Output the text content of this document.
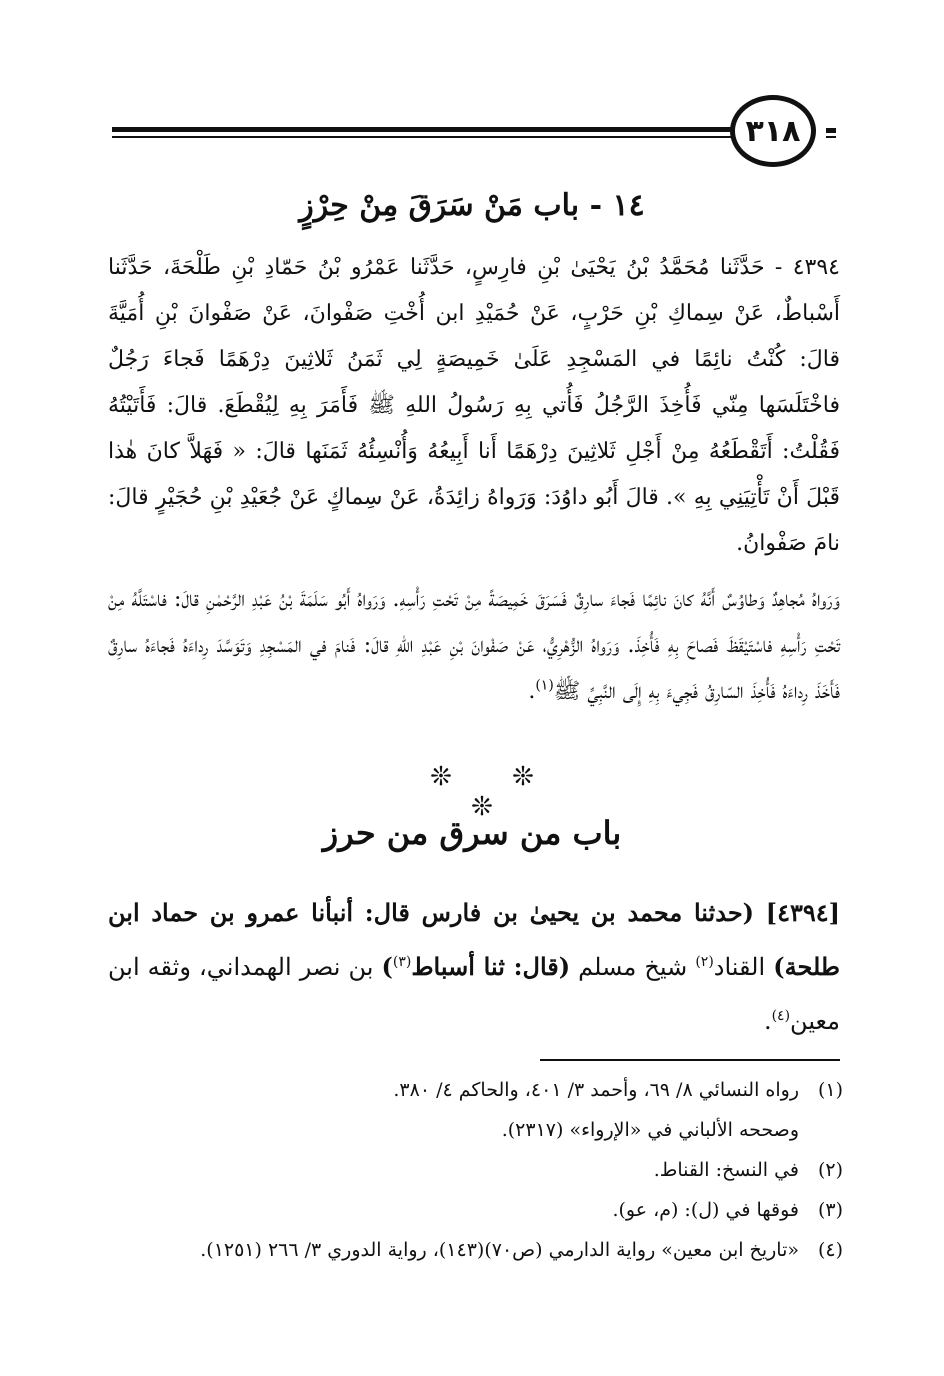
٣١٨
١٤ - باب مَنْ سَرَقَ مِنْ حِرْزٍ
٤٣٩٤ - حَدَّثَنا مُحَمَّدُ بْنُ يَحْيَىٰ بْنِ فارِسٍ، حَدَّثَنا عَمْرُو بْنُ حَمّادِ بْنِ طَلْحَةَ، حَدَّثَنا أَسْباطٌ، عَنْ سِماكِ بْنِ حَرْبٍ، عَنْ حُمَيْدِ ابن أُخْتِ صَفْوانَ، عَنْ صَفْوانَ بْنِ أُمَيَّةَ قالَ: كُنْتُ نائِمًا في المَسْجِدِ عَلَىٰ خَمِيصَةٍ لِي ثَمَنُ ثَلاثِينَ دِرْهَمًا فَجاءَ رَجُلٌ فاخْتَلَسَها مِنّي فَأُخِذَ الرَّجُلُ فَأُتي بِهِ رَسُولُ اللهِ ﷺ فَأَمَرَ بِهِ لِيُقْطَعَ. قالَ: فَأَتَيْتُهُ فَقُلْتُ: أَتَقْطَعُهُ مِنْ أَجْلِ ثَلاثِينَ دِرْهَمًا أَنا أَبِيعُهُ وَأُنْسِئُهُ ثَمَنَها قالَ: « فَهَلاَّ كانَ هٰذا قَبْلَ أَنْ تَأْتِيَنِي بِهِ ». قالَ أَبُو داوُدَ: وَرَواهُ زائِدَةُ، عَنْ سِماكٍ عَنْ جُعَيْدِ بْنِ حُجَيْرٍ قالَ: نامَ صَفْوانُ.
وَرَواهُ مُجاهِدٌ وَطاوُسٌ أَنَّهُ كانَ نائِمًا فَجاءَ سارِقٌ فَسَرَقَ خَمِيصَةً مِنْ تَحْتِ رَأْسِهِ. وَرَواهُ أَبُو سَلَمَةَ بْنُ عَبْدِ الرَّحْمٰنِ قالَ: فاسْتَلَّهُ مِنْ تَحْتِ رَأْسِهِ فاسْتَيْقَظَ فَصاحَ بِهِ فَأُخِذَ. وَرَواهُ الزُّهْرِيُّ، عَنْ صَفْوانَ بْنِ عَبْدِ اللهِ قالَ: فَنامَ في المَسْجِدِ وَتَوَسَّدَ رِداءَهُ فَجاءَهُ سارِقٌ فَأَخَذَ رِداءَهُ فَأُخِذَ السّارِقُ فَجِيءَ بِهِ إِلَى النَّبِيِّ ﷺ$^{(١)}$.
❊ ❊ ❊
باب من سرق من حرز
[٤٣٩٤] (حدثنا محمد بن يحيىٰ بن فارس قال: أنبأنا عمرو بن حماد ابن طلحة) القناد$^{(٢)}$ شيخ مسلم (قال: ثنا أسباط$^{(٣)}$) بن نصر الهمداني، وثقه ابن معين$^{(٤)}$.
(١)
رواه النسائي ٨/ ٦٩، وأحمد ٣/ ٤٠١، والحاكم ٤/ ٣٨٠.
وصححه الألباني في «الإرواء» (٢٣١٧).
(٢)
في النسخ: القناط.
(٣)
فوقها في (ل): (م، عو).
(٤)
«تاريخ ابن معين» رواية الدارمي (ص٧٠)(١٤٣)، رواية الدوري ٣/ ٢٦٦ (١٢٥١).
